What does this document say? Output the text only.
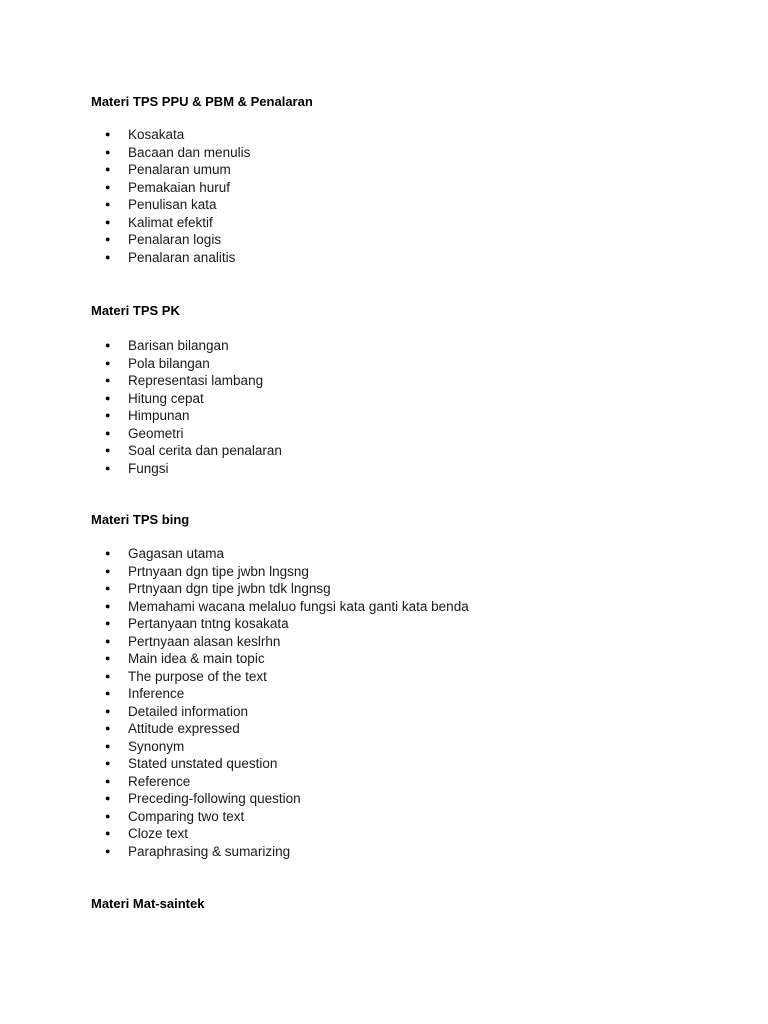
Materi TPS PPU & PBM & Penalaran
● Kosakata
● Bacaan dan menulis
● Penalaran umum
● Pemakaian huruf
● Penulisan kata
● Kalimat efektif
● Penalaran logis
● Penalaran analitis
Materi TPS PK
● Barisan bilangan
● Pola bilangan
● Representasi lambang
● Hitung cepat
● Himpunan
● Geometri
● Soal cerita dan penalaran
● Fungsi
Materi TPS bing
● Gagasan utama
● Prtnyaan dgn tipe jwbn lngsng
● Prtnyaan dgn tipe jwbn tdk lngnsg
● Memahami wacana melaluo fungsi kata ganti kata benda
● Pertanyaan tntng kosakata
● Pertnyaan alasan keslrhn
● Main idea & main topic
● The purpose of the text
● Inference
● Detailed information
● Attitude expressed
● Synonym
● Stated unstated question
● Reference
● Preceding-following question
● Comparing two text
● Cloze text
● Paraphrasing & sumarizing
Materi Mat-saintek
